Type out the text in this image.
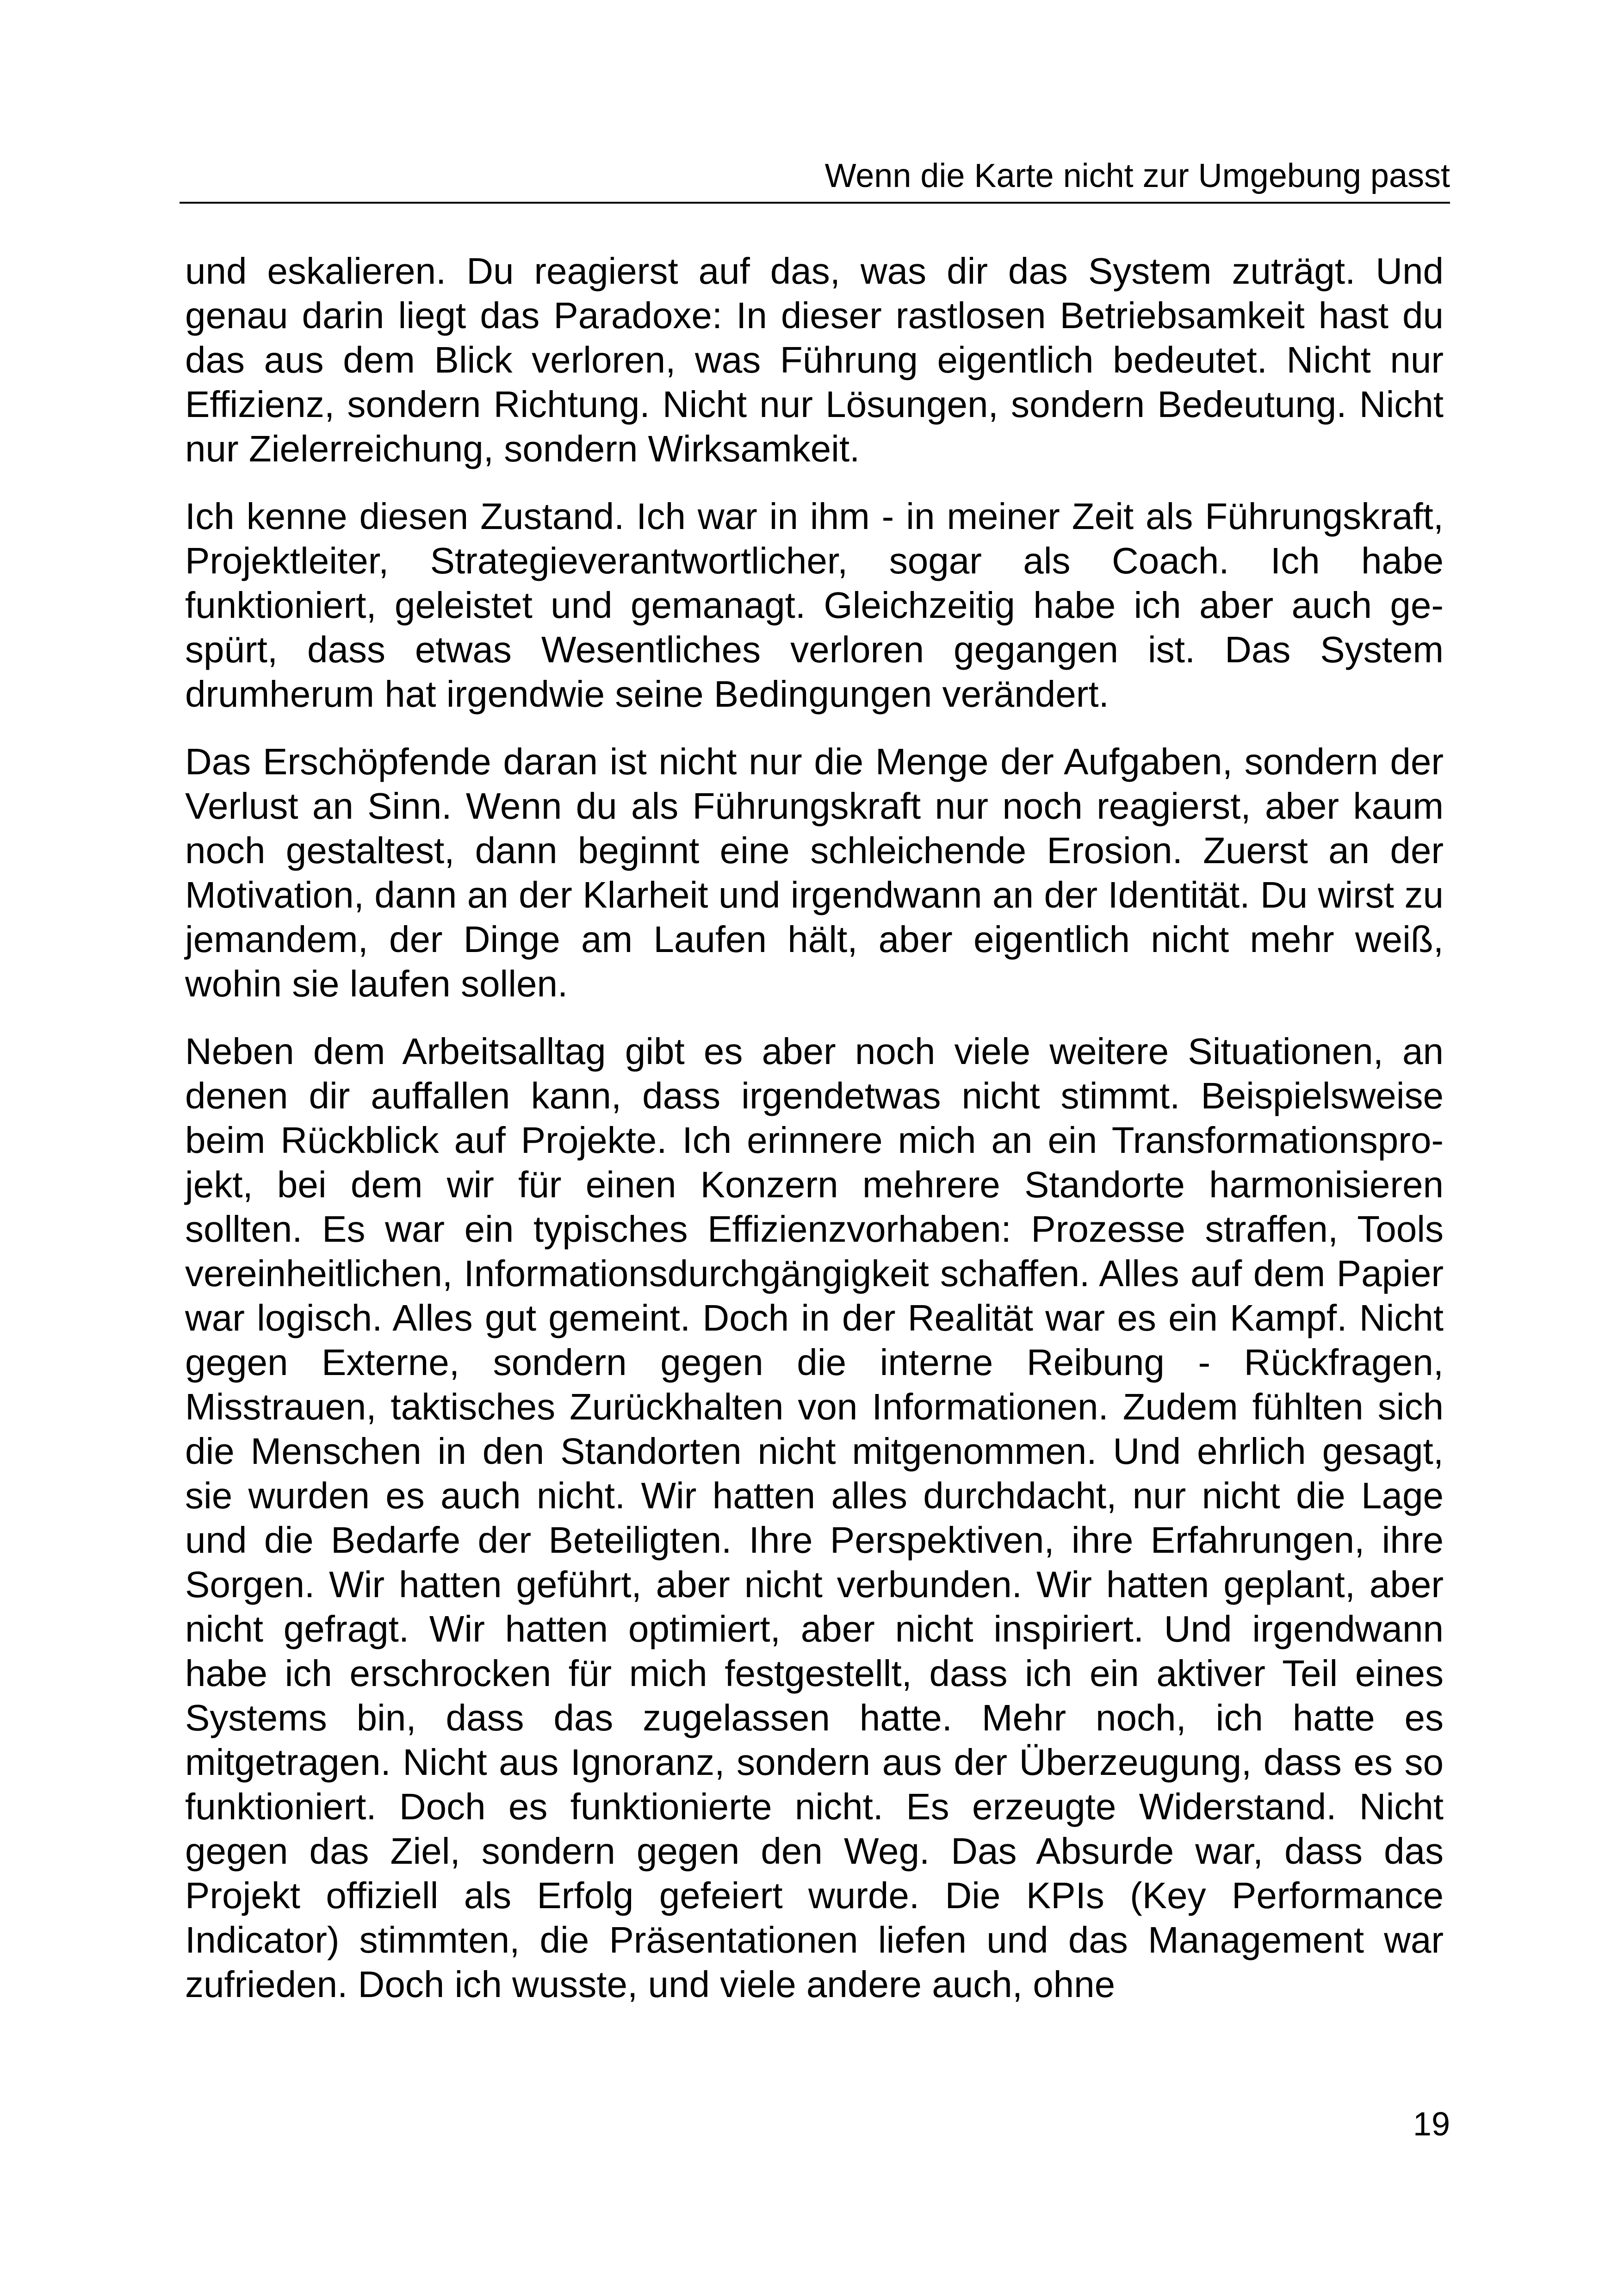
Wenn die Karte nicht zur Umgebung passt

und eskalieren. Du reagierst auf das, was dir das System zuträgt. Und genau darin liegt das Paradoxe: In dieser rastlosen Betriebsamkeit hast du das aus dem Blick verloren, was Führung eigentlich bedeutet. Nicht nur Effizienz, sondern Richtung. Nicht nur Lösungen, sondern Bedeutung. Nicht nur Zielerreichung, sondern Wirksamkeit.

Ich kenne diesen Zustand. Ich war in ihm - in meiner Zeit als Führungskraft, Projektleiter, Strategieverantwortlicher, sogar als Coach. Ich habe funktioniert, geleistet und gemanagt. Gleichzeitig habe ich aber auch gespürt, dass etwas Wesentliches verloren gegangen ist. Das System drumherum hat irgendwie seine Bedingungen verändert.

Das Erschöpfende daran ist nicht nur die Menge der Aufgaben, sondern der Verlust an Sinn. Wenn du als Führungskraft nur noch reagierst, aber kaum noch gestaltest, dann beginnt eine schleichende Erosion. Zuerst an der Motivation, dann an der Klarheit und irgendwann an der Identität. Du wirst zu jemandem, der Dinge am Laufen hält, aber eigentlich nicht mehr weiß, wohin sie laufen sollen.

Neben dem Arbeitsalltag gibt es aber noch viele weitere Situationen, an denen dir auffallen kann, dass irgendetwas nicht stimmt. Beispielsweise beim Rückblick auf Projekte. Ich erinnere mich an ein Transformationsprojekt, bei dem wir für einen Konzern mehrere Standorte harmonisieren sollten. Es war ein typisches Effizienzvorhaben: Prozesse straffen, Tools vereinheitlichen, Informationsdurchgängigkeit schaffen. Alles auf dem Papier war logisch. Alles gut gemeint. Doch in der Realität war es ein Kampf. Nicht gegen Externe, sondern gegen die interne Reibung - Rückfragen, Misstrauen, taktisches Zurückhalten von Informationen. Zudem fühlten sich die Menschen in den Standorten nicht mitgenommen. Und ehrlich gesagt, sie wurden es auch nicht. Wir hatten alles durchdacht, nur nicht die Lage und die Bedarfe der Beteiligten. Ihre Perspektiven, ihre Erfahrungen, ihre Sorgen. Wir hatten geführt, aber nicht verbunden. Wir hatten geplant, aber nicht gefragt. Wir hatten optimiert, aber nicht inspiriert. Und irgendwann habe ich erschrocken für mich festgestellt, dass ich ein aktiver Teil eines Systems bin, dass das zugelassen hatte. Mehr noch, ich hatte es mitgetragen. Nicht aus Ignoranz, sondern aus der Überzeugung, dass es so funktioniert. Doch es funktionierte nicht. Es erzeugte Widerstand. Nicht gegen das Ziel, sondern gegen den Weg. Das Absurde war, dass das Projekt offiziell als Erfolg gefeiert wurde. Die KPIs (Key Performance Indicator) stimmten, die Präsentationen liefen und das Management war zufrieden. Doch ich wusste, und viele andere auch, ohne

19
